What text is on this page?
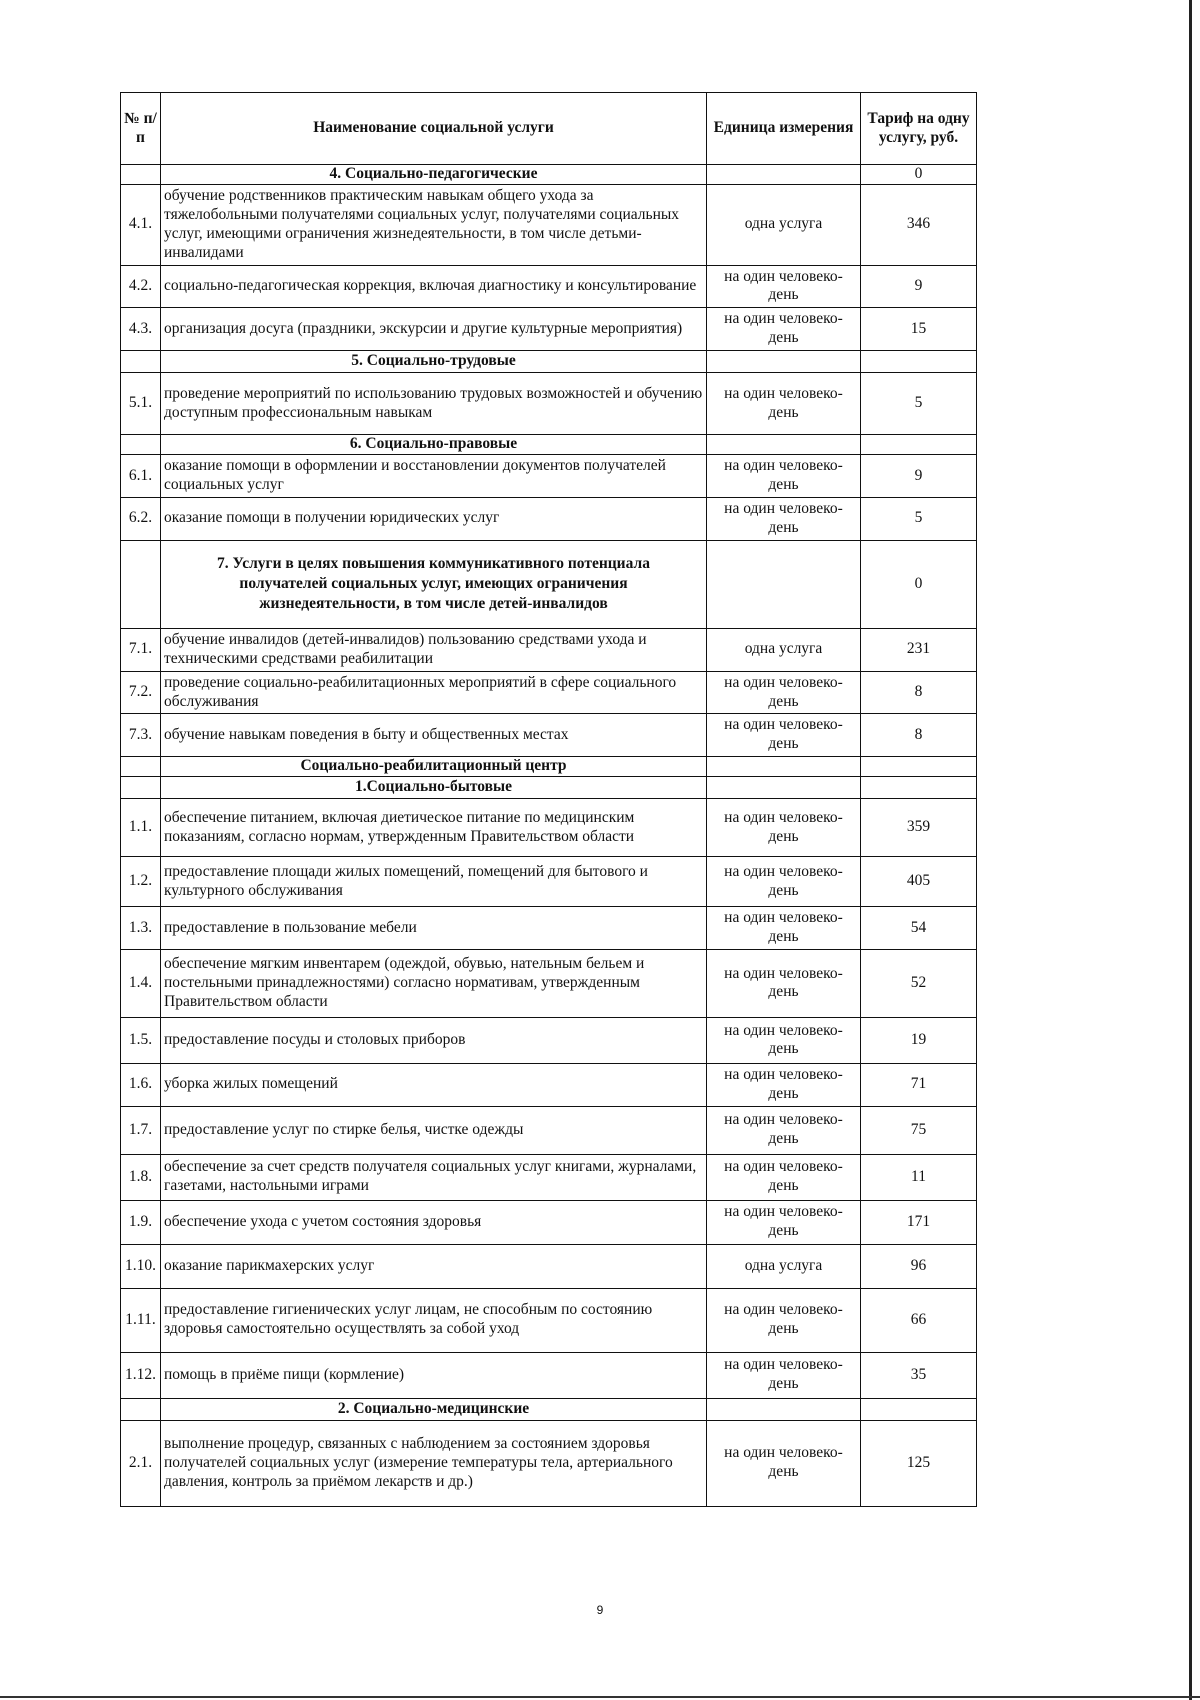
№ п/п	Наименование социальной услуги	Единица измерения	Тариф на одну услугу, руб.
	4. Социально-педагогические		0
4.1.	обучение родственников практическим навыкам общего ухода за тяжелобольными получателями социальных услуг, получателями социальных услуг, имеющими ограничения жизнедеятельности, в том числе детьми-инвалидами	одна услуга	346
4.2.	социально-педагогическая коррекция, включая диагностику и консультирование	на один человеко-день	9
4.3.	организация досуга (праздники, экскурсии и другие культурные мероприятия)	на один человеко-день	15
	5. Социально-трудовые		
5.1.	проведение мероприятий по использованию трудовых возможностей и обучению доступным профессиональным навыкам	на один человеко-день	5
	6. Социально-правовые		
6.1.	оказание помощи в оформлении и восстановлении документов получателей социальных услуг	на один человеко-день	9
6.2.	оказание помощи в получении юридических услуг	на один человеко-день	5
	7. Услуги в целях повышения коммуникативного потенциала получателей социальных услуг, имеющих ограничения жизнедеятельности, в том числе детей-инвалидов		0
7.1.	обучение инвалидов (детей-инвалидов) пользованию средствами ухода и техническими средствами реабилитации	одна услуга	231
7.2.	проведение социально-реабилитационных мероприятий в сфере социального обслуживания	на один человеко-день	8
7.3.	обучение навыкам поведения в быту и общественных местах	на один человеко-день	8
	Социально-реабилитационный центр		
	1.Социально-бытовые		
1.1.	обеспечение питанием, включая диетическое питание по медицинским показаниям, согласно нормам, утвержденным Правительством области	на один человеко-день	359
1.2.	предоставление площади жилых помещений, помещений для бытового и культурного обслуживания	на один человеко-день	405
1.3.	предоставление в пользование мебели	на один человеко-день	54
1.4.	обеспечение мягким инвентарем (одеждой, обувью, нательным бельем и постельными принадлежностями) согласно нормативам, утвержденным Правительством области	на один человеко-день	52
1.5.	предоставление посуды и столовых приборов	на один человеко-день	19
1.6.	уборка жилых помещений	на один человеко-день	71
1.7.	предоставление услуг по стирке белья, чистке одежды	на один человеко-день	75
1.8.	обеспечение за счет средств получателя социальных услуг книгами, журналами, газетами, настольными играми	на один человеко-день	11
1.9.	обеспечение ухода с учетом состояния здоровья	на один человеко-день	171
1.10.	оказание парикмахерских услуг	одна услуга	96
1.11.	предоставление гигиенических услуг лицам, не способным по состоянию здоровья самостоятельно осуществлять за собой уход	на один человеко-день	66
1.12.	помощь в приёме пищи (кормление)	на один человеко-день	35
	2. Социально-медицинские		
2.1.	выполнение процедур, связанных с наблюдением за состоянием здоровья получателей социальных услуг (измерение температуры тела, артериального давления, контроль за приёмом лекарств и др.)	на один человеко-день	125
9
